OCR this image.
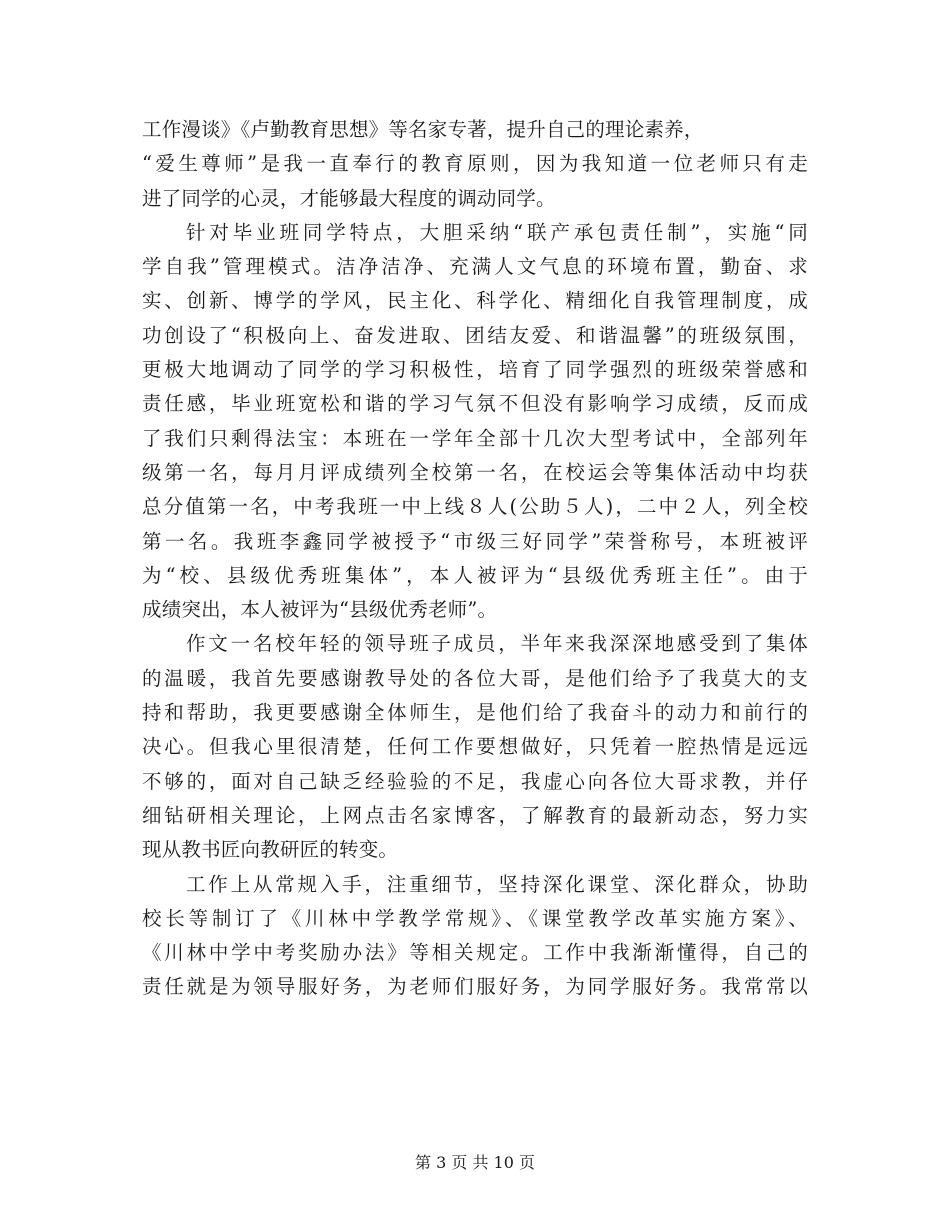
工作漫谈》《卢勤教育思想》等名家专著，提升自己的理论素养，
“爱生尊师”是我一直奉行的教育原则，因为我知道一位老师只有走
进了同学的心灵，才能够最大程度的调动同学。
针对毕业班同学特点，大胆采纳“联产承包责任制”，实施“同
学自我”管理模式。洁净洁净、充满人文气息的环境布置，勤奋、求
实、创新、博学的学风，民主化、科学化、精细化自我管理制度，成
功创设了“积极向上、奋发进取、团结友爱、和谐温馨”的班级氛围，
更极大地调动了同学的学习积极性，培育了同学强烈的班级荣誉感和
责任感，毕业班宽松和谐的学习气氛不但没有影响学习成绩，反而成
了我们只剩得法宝：本班在一学年全部十几次大型考试中，全部列年
级第一名，每月月评成绩列全校第一名，在校运会等集体活动中均获
总分值第一名，中考我班一中上线８人(公助５人)，二中２人，列全校
第一名。我班李鑫同学被授予“市级三好同学”荣誉称号，本班被评
为“校、县级优秀班集体”，本人被评为“县级优秀班主任”。由于
成绩突出，本人被评为“县级优秀老师”。
作文一名校年轻的领导班子成员，半年来我深深地感受到了集体
的温暖，我首先要感谢教导处的各位大哥，是他们给予了我莫大的支
持和帮助，我更要感谢全体师生，是他们给了我奋斗的动力和前行的
决心。但我心里很清楚，任何工作要想做好，只凭着一腔热情是远远
不够的，面对自己缺乏经验验的不足，我虚心向各位大哥求教，并仔
细钻研相关理论，上网点击名家博客，了解教育的最新动态，努力实
现从教书匠向教研匠的转变。
工作上从常规入手，注重细节，坚持深化课堂、深化群众，协助
校长等制订了《川林中学教学常规》、《课堂教学改革实施方案》、
《川林中学中考奖励办法》等相关规定。工作中我渐渐懂得，自己的
责任就是为领导服好务，为老师们服好务，为同学服好务。我常常以
第 3 页 共 10 页
